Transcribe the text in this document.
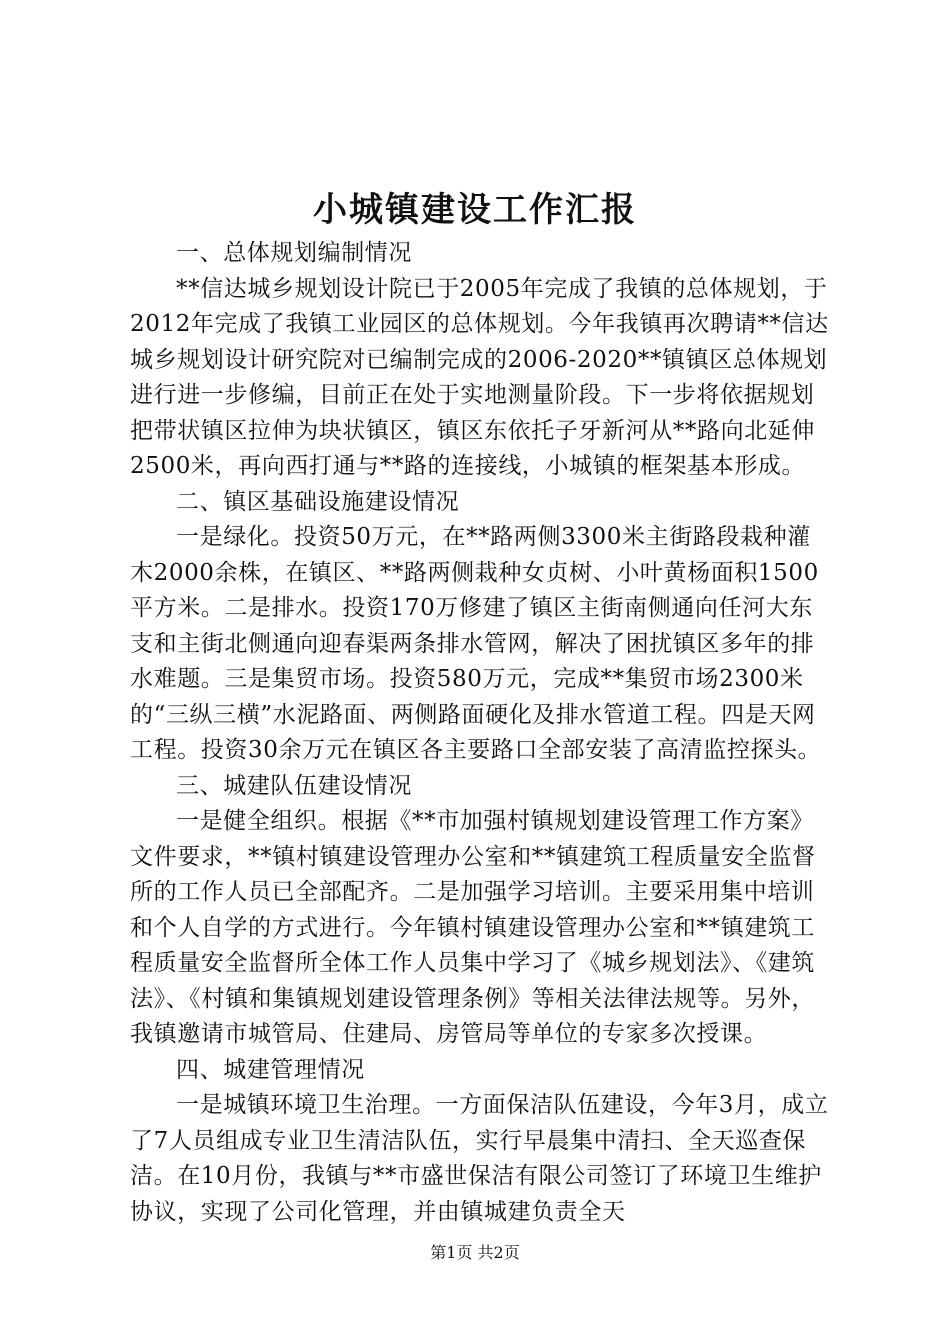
小城镇建设工作汇报

一、总体规划编制情况

**信达城乡规划设计院已于2005年完成了我镇的总体规划，于2012年完成了我镇工业园区的总体规划。今年我镇再次聘请**信达城乡规划设计研究院对已编制完成的2006-2020**镇镇区总体规划进行进一步修编，目前正在处于实地测量阶段。下一步将依据规划把带状镇区拉伸为块状镇区，镇区东依托子牙新河从**路向北延伸2500米，再向西打通与**路的连接线，小城镇的框架基本形成。

二、镇区基础设施建设情况

一是绿化。投资50万元，在**路两侧3300米主街路段栽种灌木2000余株，在镇区、**路两侧栽种女贞树、小叶黄杨面积1500平方米。二是排水。投资170万修建了镇区主街南侧通向任河大东支和主街北侧通向迎春渠两条排水管网，解决了困扰镇区多年的排水难题。三是集贸市场。投资580万元，完成**集贸市场2300米的“三纵三横”水泥路面、两侧路面硬化及排水管道工程。四是天网工程。投资30余万元在镇区各主要路口全部安装了高清监控探头。

三、城建队伍建设情况

一是健全组织。根据《**市加强村镇规划建设管理工作方案》文件要求，**镇村镇建设管理办公室和**镇建筑工程质量安全监督所的工作人员已全部配齐。二是加强学习培训。主要采用集中培训和个人自学的方式进行。今年镇村镇建设管理办公室和**镇建筑工程质量安全监督所全体工作人员集中学习了《城乡规划法》、《建筑法》、《村镇和集镇规划建设管理条例》等相关法律法规等。另外，我镇邀请市城管局、住建局、房管局等单位的专家多次授课。

四、城建管理情况

一是城镇环境卫生治理。一方面保洁队伍建设，今年3月，成立了7人员组成专业卫生清洁队伍，实行早晨集中清扫、全天巡查保洁。在10月份，我镇与**市盛世保洁有限公司签订了环境卫生维护协议，实现了公司化管理，并由镇城建负责全天

第1页 共2页
